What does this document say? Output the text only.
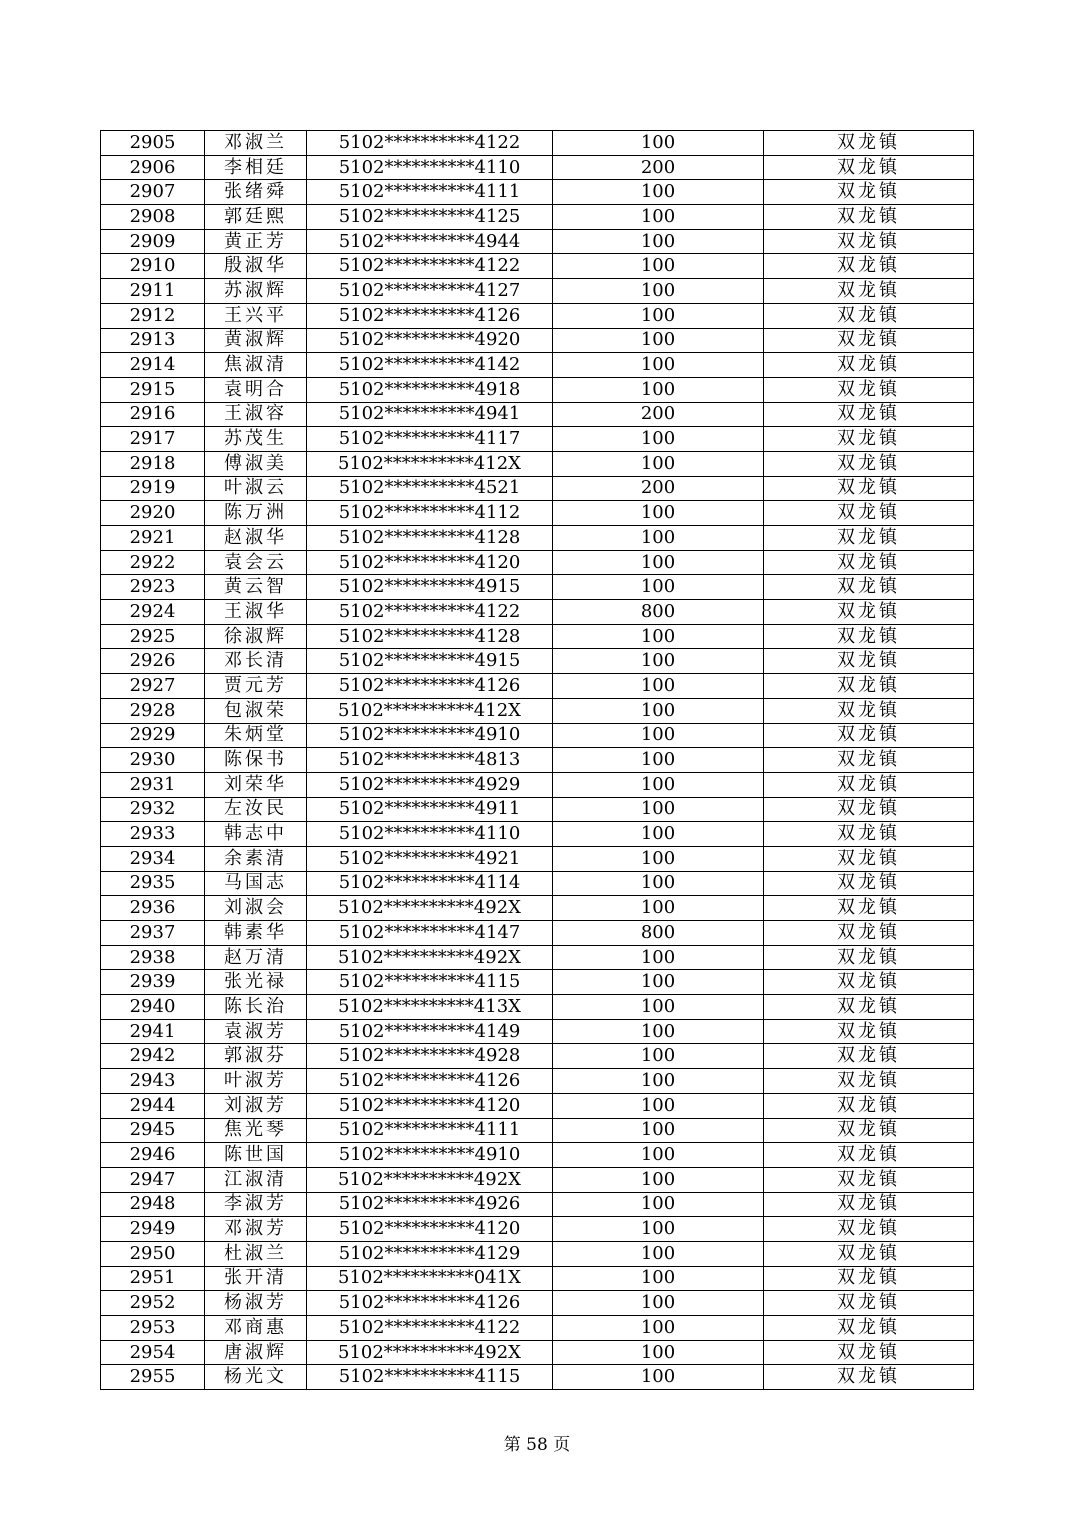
2905	邓淑兰	5102**********4122	100	双龙镇
2906	李相廷	5102**********4110	200	双龙镇
2907	张绪舜	5102**********4111	100	双龙镇
2908	郭廷熙	5102**********4125	100	双龙镇
2909	黄正芳	5102**********4944	100	双龙镇
2910	殷淑华	5102**********4122	100	双龙镇
2911	苏淑辉	5102**********4127	100	双龙镇
2912	王兴平	5102**********4126	100	双龙镇
2913	黄淑辉	5102**********4920	100	双龙镇
2914	焦淑清	5102**********4142	100	双龙镇
2915	袁明合	5102**********4918	100	双龙镇
2916	王淑容	5102**********4941	200	双龙镇
2917	苏茂生	5102**********4117	100	双龙镇
2918	傅淑美	5102**********412X	100	双龙镇
2919	叶淑云	5102**********4521	200	双龙镇
2920	陈万洲	5102**********4112	100	双龙镇
2921	赵淑华	5102**********4128	100	双龙镇
2922	袁会云	5102**********4120	100	双龙镇
2923	黄云智	5102**********4915	100	双龙镇
2924	王淑华	5102**********4122	800	双龙镇
2925	徐淑辉	5102**********4128	100	双龙镇
2926	邓长清	5102**********4915	100	双龙镇
2927	贾元芳	5102**********4126	100	双龙镇
2928	包淑荣	5102**********412X	100	双龙镇
2929	朱炳堂	5102**********4910	100	双龙镇
2930	陈保书	5102**********4813	100	双龙镇
2931	刘荣华	5102**********4929	100	双龙镇
2932	左汝民	5102**********4911	100	双龙镇
2933	韩志中	5102**********4110	100	双龙镇
2934	余素清	5102**********4921	100	双龙镇
2935	马国志	5102**********4114	100	双龙镇
2936	刘淑会	5102**********492X	100	双龙镇
2937	韩素华	5102**********4147	800	双龙镇
2938	赵万清	5102**********492X	100	双龙镇
2939	张光禄	5102**********4115	100	双龙镇
2940	陈长治	5102**********413X	100	双龙镇
2941	袁淑芳	5102**********4149	100	双龙镇
2942	郭淑芬	5102**********4928	100	双龙镇
2943	叶淑芳	5102**********4126	100	双龙镇
2944	刘淑芳	5102**********4120	100	双龙镇
2945	焦光琴	5102**********4111	100	双龙镇
2946	陈世国	5102**********4910	100	双龙镇
2947	江淑清	5102**********492X	100	双龙镇
2948	李淑芳	5102**********4926	100	双龙镇
2949	邓淑芳	5102**********4120	100	双龙镇
2950	杜淑兰	5102**********4129	100	双龙镇
2951	张开清	5102**********041X	100	双龙镇
2952	杨淑芳	5102**********4126	100	双龙镇
2953	邓商惠	5102**********4122	100	双龙镇
2954	唐淑辉	5102**********492X	100	双龙镇
2955	杨光文	5102**********4115	100	双龙镇
第 58 页
